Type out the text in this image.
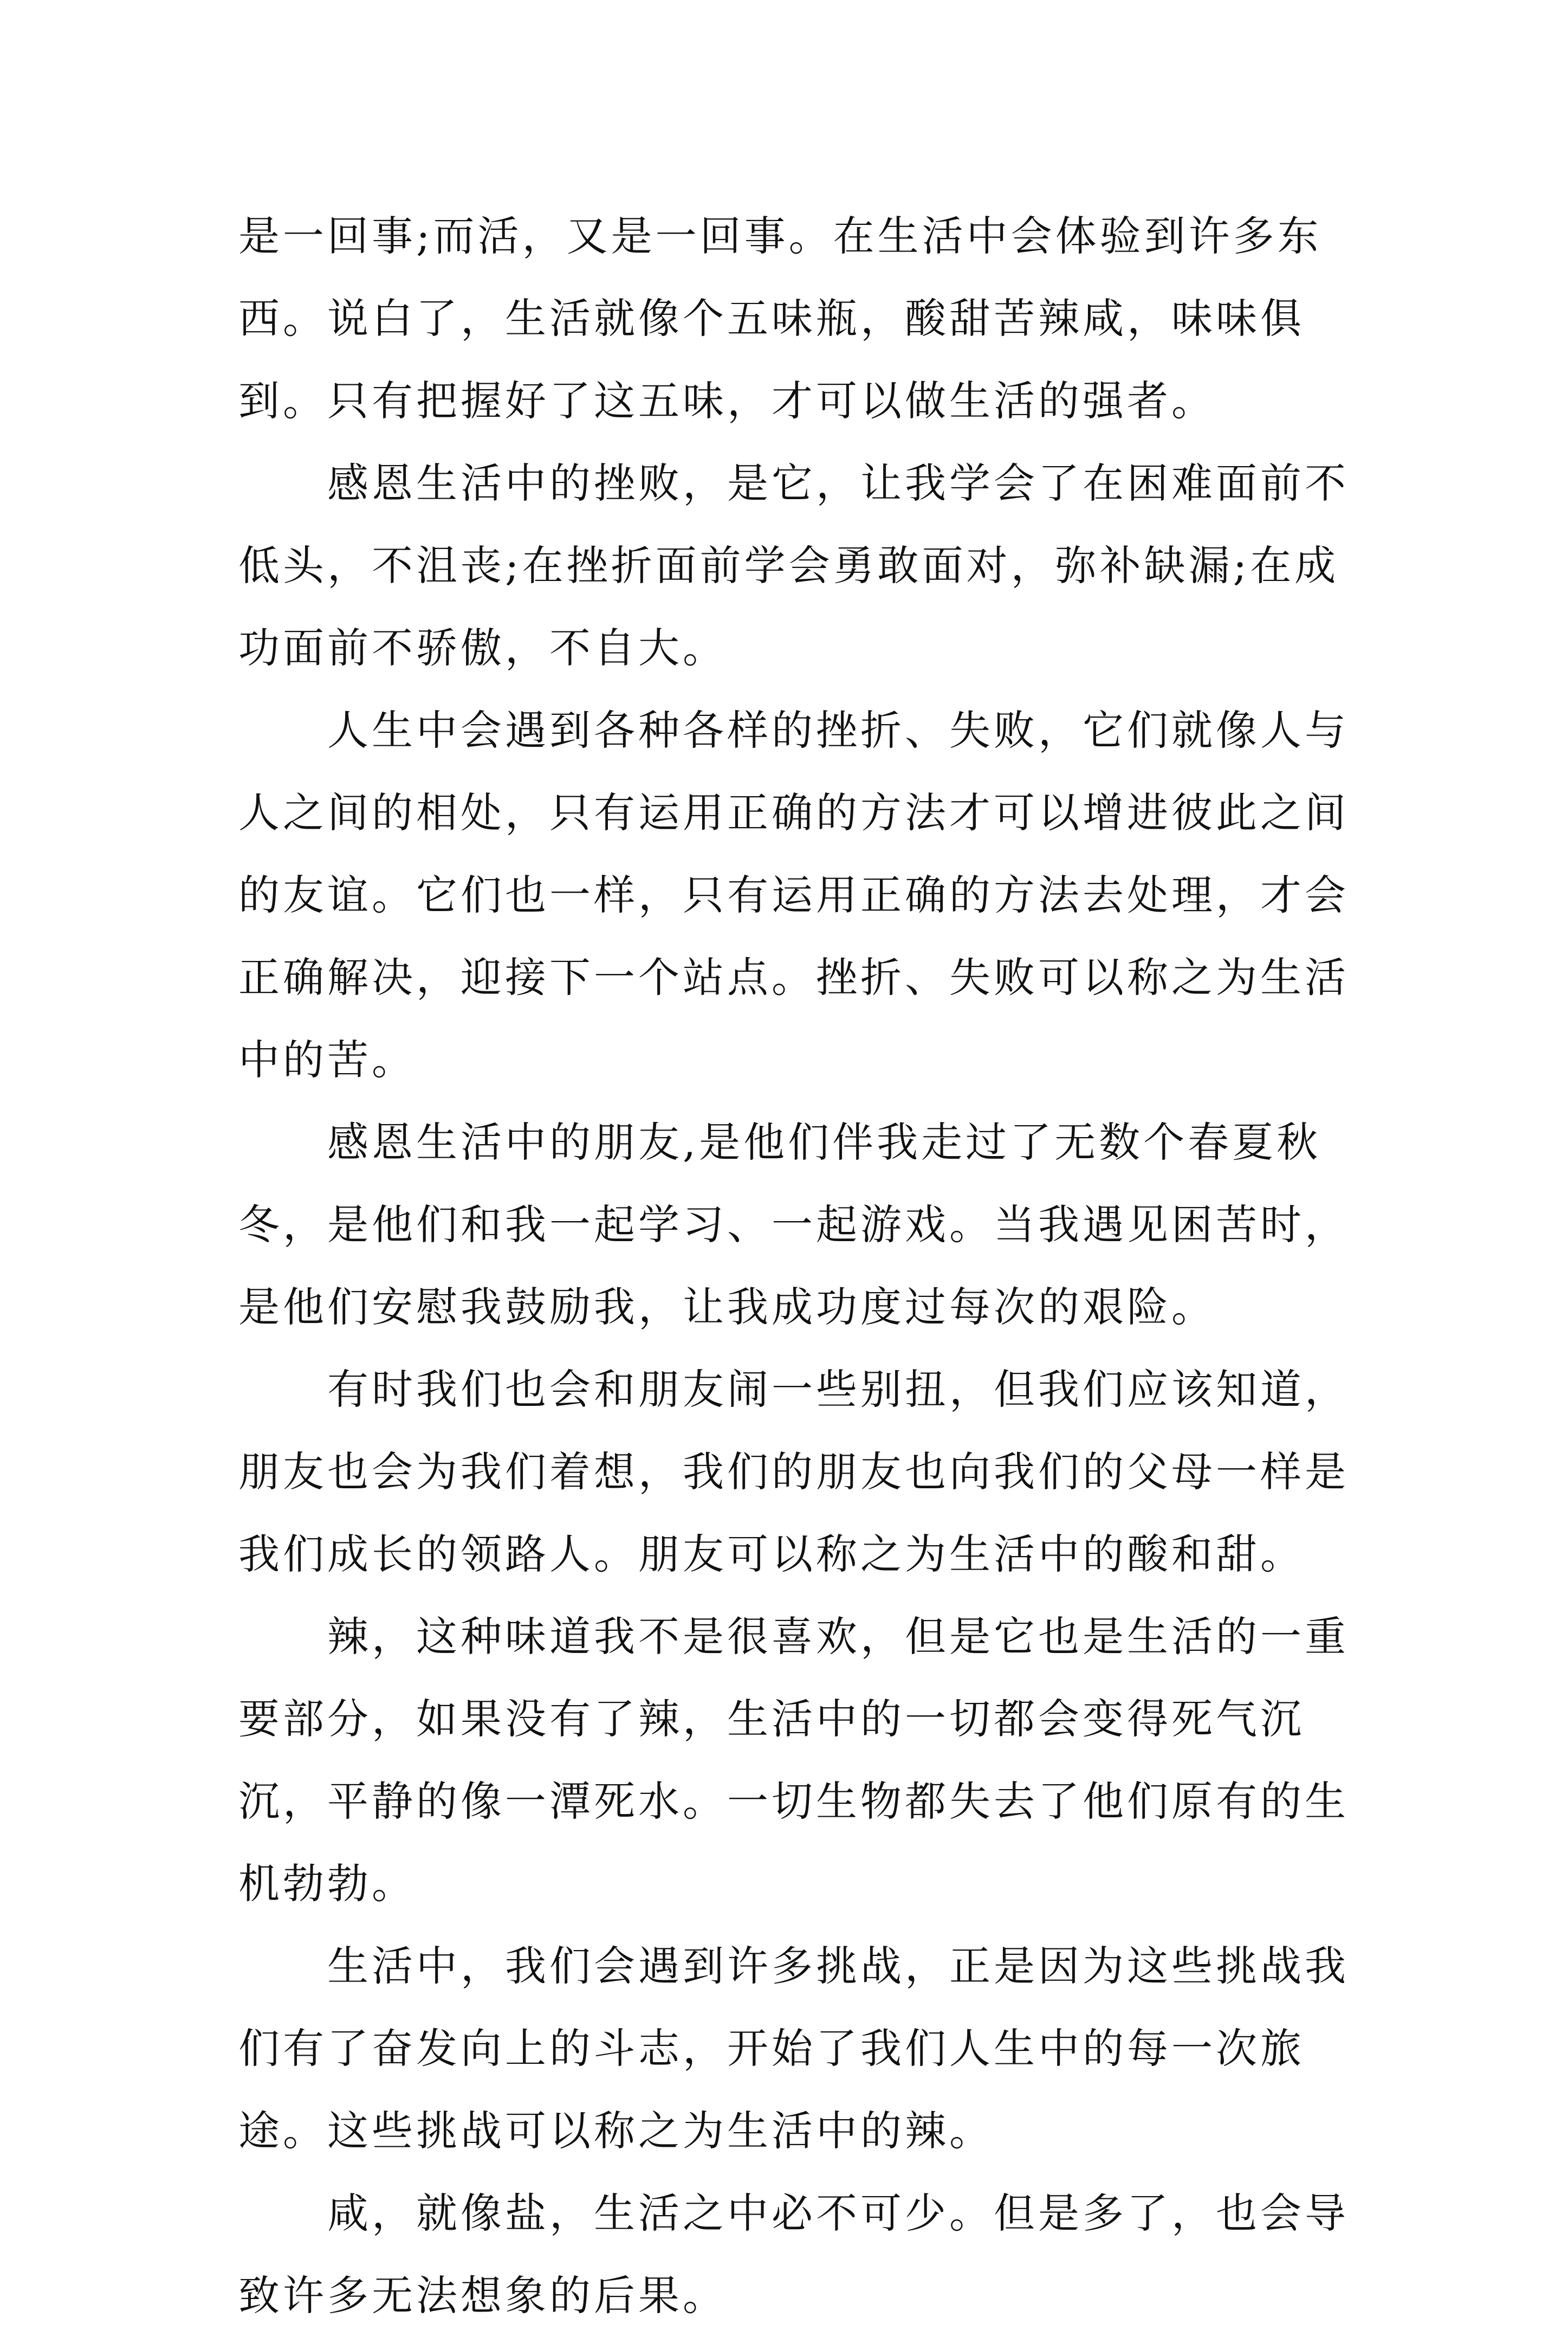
是一回事;而活，又是一回事。在生活中会体验到许多东西。说白了，生活就像个五味瓶，酸甜苦辣咸，味味俱到。只有把握好了这五味，才可以做生活的强者。

感恩生活中的挫败，是它，让我学会了在困难面前不低头，不沮丧;在挫折面前学会勇敢面对，弥补缺漏;在成功面前不骄傲，不自大。

人生中会遇到各种各样的挫折、失败，它们就像人与人之间的相处，只有运用正确的方法才可以增进彼此之间的友谊。它们也一样，只有运用正确的方法去处理，才会正确解决，迎接下一个站点。挫折、失败可以称之为生活中的苦。

感恩生活中的朋友,是他们伴我走过了无数个春夏秋冬，是他们和我一起学习、一起游戏。当我遇见困苦时，是他们安慰我鼓励我，让我成功度过每次的艰险。

有时我们也会和朋友闹一些别扭，但我们应该知道，朋友也会为我们着想，我们的朋友也向我们的父母一样是我们成长的领路人。朋友可以称之为生活中的酸和甜。

辣，这种味道我不是很喜欢，但是它也是生活的一重要部分，如果没有了辣，生活中的一切都会变得死气沉沉，平静的像一潭死水。一切生物都失去了他们原有的生机勃勃。

生活中，我们会遇到许多挑战，正是因为这些挑战我们有了奋发向上的斗志，开始了我们人生中的每一次旅途。这些挑战可以称之为生活中的辣。

咸，就像盐，生活之中必不可少。但是多了，也会导致许多无法想象的后果。
